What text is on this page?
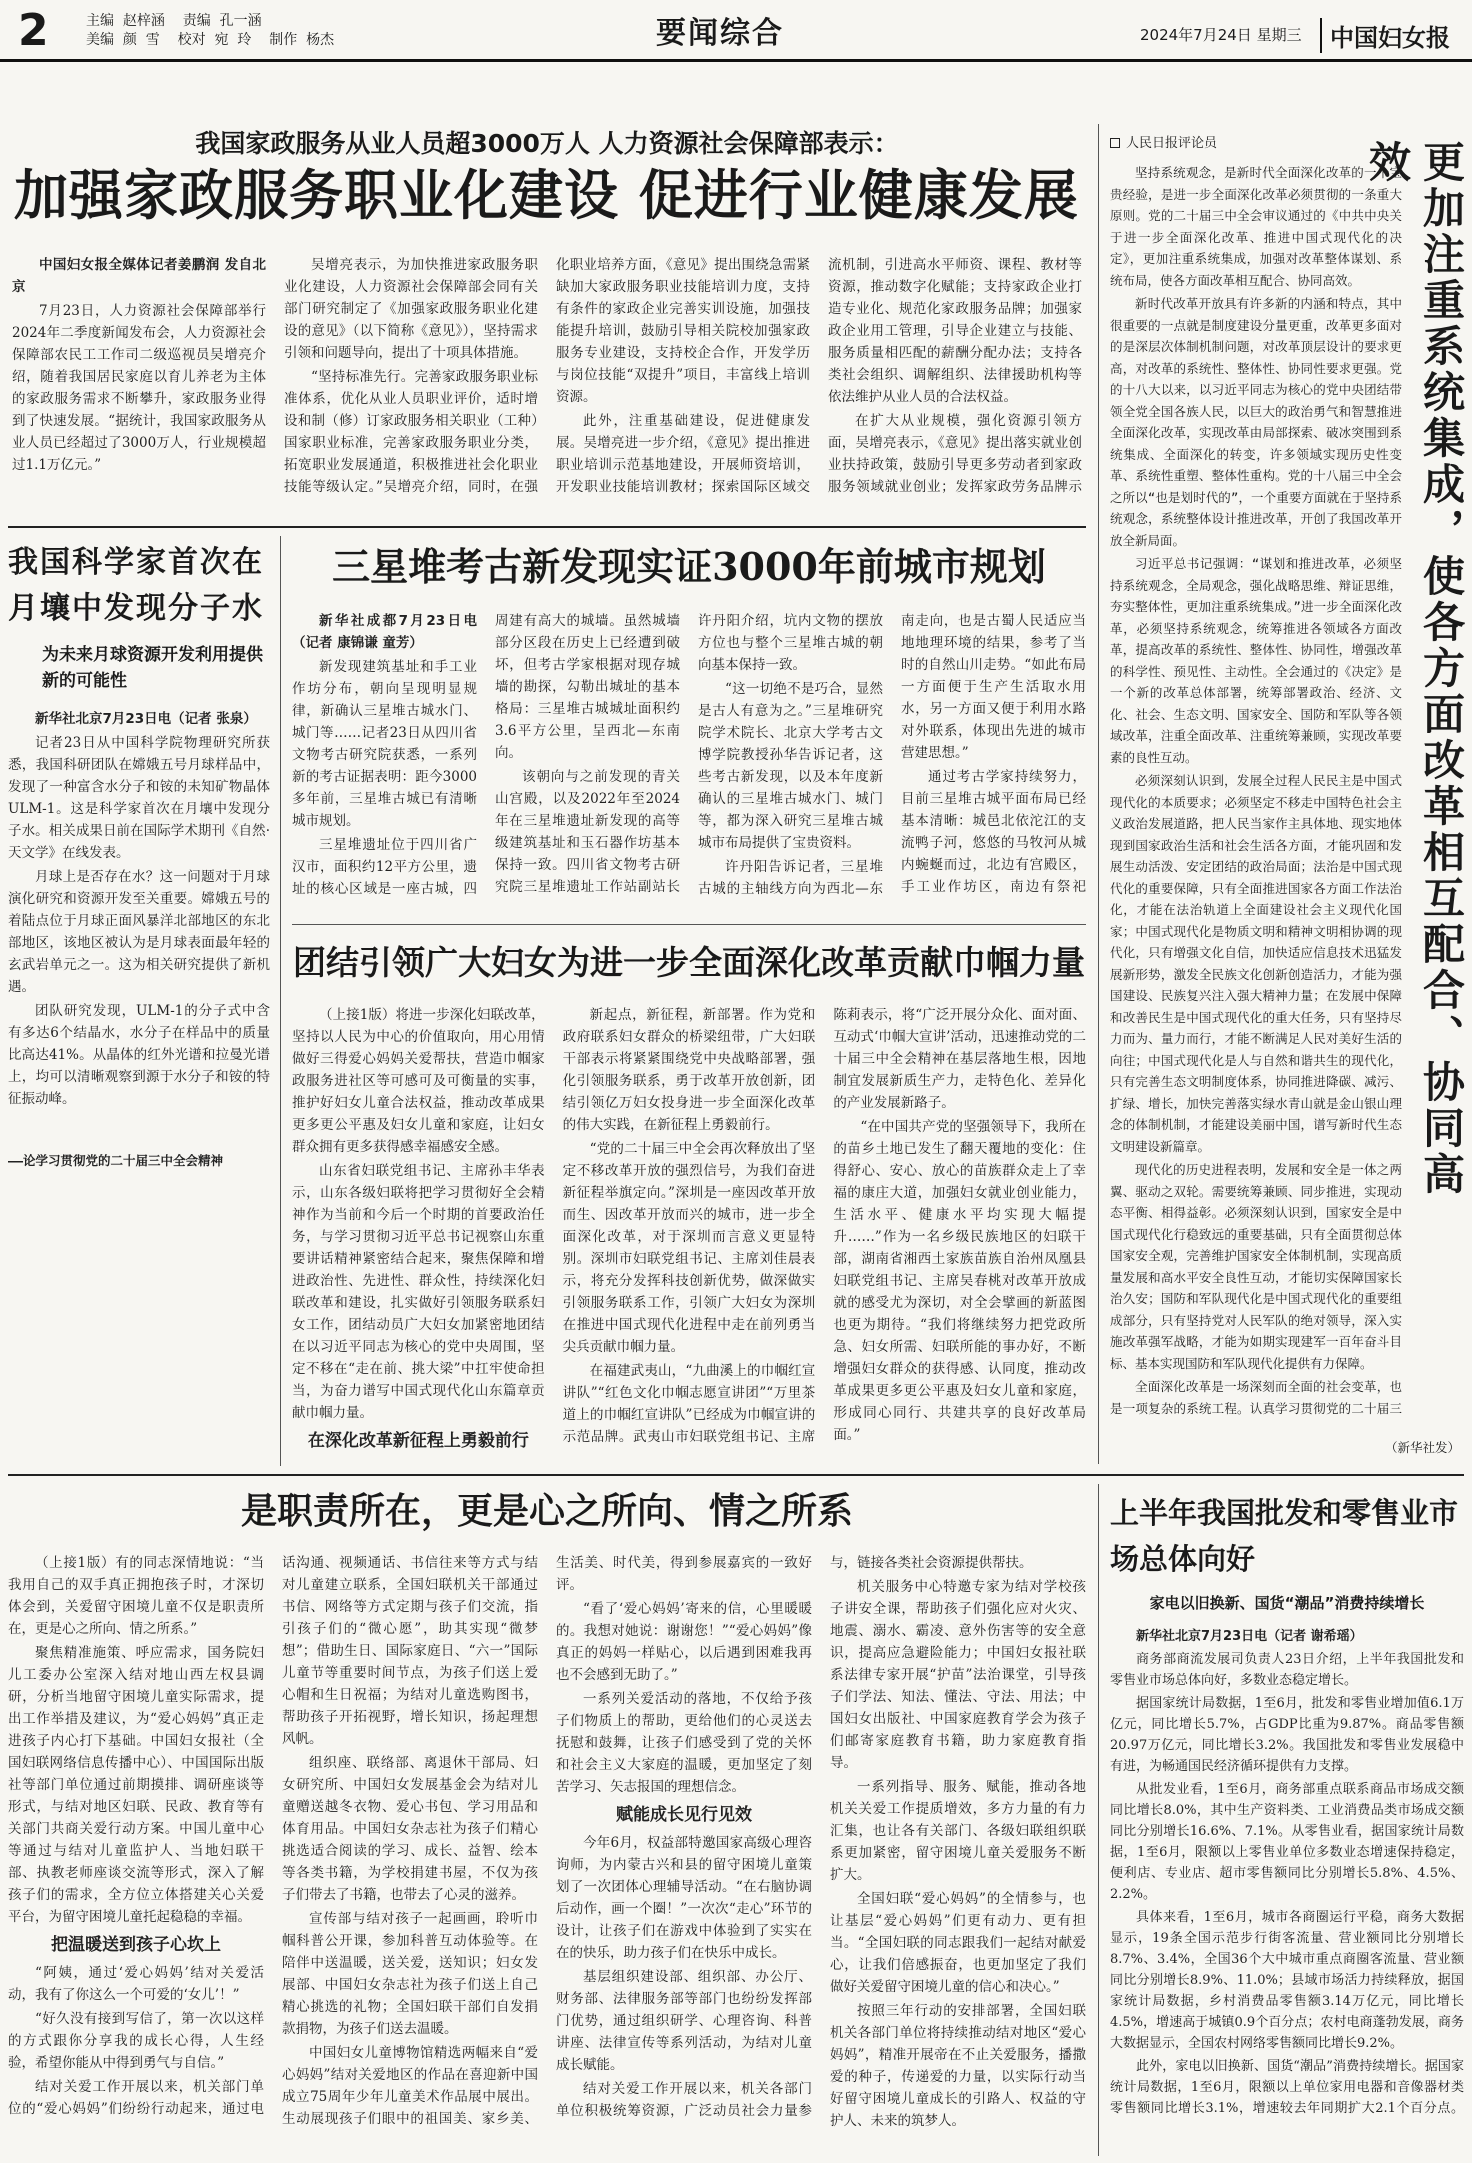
2	主编  赵梓涵    责编  孔一涵
美编  颜  雪    校对  宛  玲    制作  杨杰	要闻综合	2024年7月24日 星期三	中国妇女报
我国家政服务从业人员超3000万人 人力资源社会保障部表示：
加强家政服务职业化建设 促进行业健康发展

中国妇女报全媒体记者姜鹏润 发自北京

7月23日，人力资源社会保障部举行2024年二季度新闻发布会，人力资源社会保障部农民工工作司二级巡视员吴增亮介绍，随着我国居民家庭以育儿养老为主体的家政服务需求不断攀升，家政服务业得到了快速发展。“据统计，我国家政服务从业人员已经超过了3000万人，行业规模超过1.1万亿元。”

吴增亮表示，为加快推进家政服务职业化建设，人力资源社会保障部会同有关部门研究制定了《加强家政服务职业化建设的意见》（以下简称《意见》），坚持需求引领和问题导向，提出了十项具体措施。

“坚持标准先行。完善家政服务职业标准体系，优化从业人员职业评价，适时增设和制（修）订家政服务相关职业（工种）国家职业标准，完善家政服务职业分类，拓宽职业发展通道，积极推进社会化职业技能等级认定。”吴增亮介绍，同时，在强化职业培养方面，《意见》提出围绕急需紧缺加大家政服务职业技能培训力度，支持有条件的家政企业完善实训设施，加强技能提升培训，鼓励引导相关院校加强家政服务专业建设，支持校企合作，开发学历与岗位技能“双提升”项目，丰富线上培训资源。

此外，注重基础建设，促进健康发展。吴增亮进一步介绍，《意见》提出推进职业培训示范基地建设，开展师资培训，开发职业技能培训教材；探索国际区域交流机制，引进高水平师资、课程、教材等资源，推动数字化赋能；支持家政企业打造专业化、规范化家政服务品牌；加强家政企业用工管理，引导企业建立与技能、服务质量相匹配的薪酬分配办法；支持各类社会组织、调解组织、法律援助机构等依法维护从业人员的合法权益。

在扩大从业规模，强化资源引领方面，吴增亮表示，《意见》提出落实就业创业扶持政策，鼓励引导更多劳动者到家政服务领域就业创业；发挥家政劳务品牌示

我国科学家首次在月壤中发现分子水
为未来月球资源开发利用提供新的可能性

新华社北京7月23日电（记者 张泉）

记者23日从中国科学院物理研究所获悉，我国科研团队在嫦娥五号月球样品中，发现了一种富含水分子和铵的未知矿物晶体ULM-1。这是科学家首次在月壤中发现分子水。相关成果日前在国际学术期刊《自然·天文学》在线发表。

月球上是否存在水？这一问题对于月球演化研究和资源开发至关重要。嫦娥五号的着陆点位于月球正面风暴洋北部地区的东北部地区，该地区被认为是月球表面最年轻的玄武岩单元之一。这为相关研究提供了新机遇。

团队研究发现，ULM-1的分子式中含有多达6个结晶水，水分子在样品中的质量比高达41%。从晶体的红外光谱和拉曼光谱上，均可以清晰观察到源于水分子和铵的特征振动峰。

三星堆考古新发现实证3000年前城市规划

新华社成都7月23日电（记者 康锦谦 童芳）

新发现建筑基址和手工业作坊分布，朝向呈现明显规律，新确认三星堆古城水门、城门等……记者23日从四川省文物考古研究院获悉，一系列新的考古证据表明：距今3000多年前，三星堆古城已有清晰城市规划。

三星堆遗址位于四川省广汉市，面积约12平方公里，遗址的核心区域是一座古城，四周建有高大的城墙。虽然城墙部分区段在历史上已经遭到破坏，但考古学家根据对现存城墙的勘探，勾勒出城址的基本格局：三星堆古城城址面积约3.6平方公里，呈西北—东南向。

该朝向与之前发现的青关山宫殿，以及2022年至2024年在三星堆遗址新发现的高等级建筑基址和玉石器作坊基本保持一致。四川省文物考古研究院三星堆遗址工作站副站长许丹阳介绍，坑内文物的摆放方位也与整个三星堆古城的朝向基本保持一致。

“这一切绝不是巧合，显然是古人有意为之。”三星堆研究院学术院长、北京大学考古文博学院教授孙华告诉记者，这些考古新发现，以及本年度新确认的三星堆古城水门、城门等，都为深入研究三星堆古城城市布局提供了宝贵资料。

许丹阳告诉记者，三星堆古城的主轴线方向为西北—东南走向，也是古蜀人民适应当地地理环境的结果，参考了当时的自然山川走势。“如此布局一方面便于生产生活取水用水，另一方面又便于利用水路对外联系，体现出先进的城市营建思想。”

通过考古学家持续努力，目前三星堆古城平面布局已经基本清晰：城邑北依沱江的支流鸭子河，悠悠的马牧河从城内蜿蜒而过，北边有宫殿区，手工业作坊区，南边有祭祀

团结引领广大妇女为进一步全面深化改革贡献巾帼力量

（上接1版）将进一步深化妇联改革，坚持以人民为中心的价值取向，用心用情做好三得爱心妈妈关爱帮扶，营造巾帼家政服务进社区等可感可及可衡量的实事，推护好妇女儿童合法权益，推动改革成果更多更公平惠及妇女儿童和家庭，让妇女群众拥有更多获得感幸福感安全感。

山东省妇联党组书记、主席孙丰华表示，山东各级妇联将把学习贯彻好全会精神作为当前和今后一个时期的首要政治任务，与学习贯彻习近平总书记视察山东重要讲话精神紧密结合起来，聚焦保障和增进政治性、先进性、群众性，持续深化妇联改革和建设，扎实做好引领服务联系妇女工作，团结动员广大妇女加紧密地团结在以习近平同志为核心的党中央周围，坚定不移在“走在前、挑大梁”中扛牢使命担当，为奋力谱写中国式现代化山东篇章贡献巾帼力量。

在深化改革新征程上勇毅前行

新起点，新征程，新部署。作为党和政府联系妇女群众的桥梁纽带，广大妇联干部表示将紧紧围绕党中央战略部署，强化引领服务联系，勇于改革开放创新，团结引领亿万妇女投身进一步全面深化改革的伟大实践，在新征程上勇毅前行。

“党的二十届三中全会再次释放出了坚定不移改革开放的强烈信号，为我们奋进新征程举旗定向。”深圳是一座因改革开放而生、因改革开放而兴的城市，进一步全面深化改革，对于深圳而言意义更显特别。深圳市妇联党组书记、主席刘佳晨表示，将充分发挥科技创新优势，做深做实引领服务联系工作，引领广大妇女为深圳在推进中国式现代化进程中走在前列勇当尖兵贡献巾帼力量。

在福建武夷山，“九曲溪上的巾帼红宣讲队”“红色文化巾帼志愿宣讲团”“万里茶道上的巾帼红宣讲队”已经成为巾帼宣讲的示范品牌。武夷山市妇联党组书记、主席陈莉表示，将“广泛开展分众化、面对面、互动式‘巾帼大宣讲’活动，迅速推动党的二十届三中全会精神在基层落地生根，因地制宜发展新质生产力，走特色化、差异化的产业发展新路子。

“在中国共产党的坚强领导下，我所在的苗乡土地已发生了翻天覆地的变化：住得舒心、安心、放心的苗族群众走上了幸福的康庄大道，加强妇女就业创业能力，生活水平、健康水平均实现大幅提升……”作为一名乡级民族地区的妇联干部，湖南省湘西土家族苗族自治州凤凰县妇联党组书记、主席吴春桃对改革开放成就的感受尤为深切，对全会擘画的新蓝图也更为期待。“我们将继续努力把党政所急、妇女所需、妇联所能的事办好，不断增强妇女群众的获得感、认同度，推动改革成果更多更公平惠及妇女儿童和家庭，形成同心同行、共建共享的良好改革局面。”

——论学习贯彻党的二十届三中全会精神

人民日报评论员

坚持系统观念，是新时代全面深化改革的一个宝贵经验，是进一步全面深化改革必须贯彻的一条重大原则。党的二十届三中全会审议通过的《中共中央关于进一步全面深化改革、推进中国式现代化的决定》，更加注重系统集成，加强对改革整体谋划、系统布局，使各方面改革相互配合、协同高效。

新时代改革开放具有许多新的内涵和特点，其中很重要的一点就是制度建设分量更重，改革更多面对的是深层次体制机制问题，对改革顶层设计的要求更高，对改革的系统性、整体性、协同性要求更强。党的十八大以来，以习近平同志为核心的党中央团结带领全党全国各族人民，以巨大的政治勇气和智慧推进全面深化改革，实现改革由局部探索、破冰突围到系统集成、全面深化的转变，许多领域实现历史性变革、系统性重塑、整体性重构。党的十八届三中全会之所以“也是划时代的”，一个重要方面就在于坚持系统观念，系统整体设计推进改革，开创了我国改革开放全新局面。

习近平总书记强调：“谋划和推进改革，必须坚持系统观念，全局观念，强化战略思维、辩证思维，夯实整体性，更加注重系统集成。”进一步全面深化改革，必须坚持系统观念，统筹推进各领域各方面改革，提高改革的系统性、整体性、协同性，增强改革的科学性、预见性、主动性。全会通过的《决定》是一个新的改革总体部署，统筹部署政治、经济、文化、社会、生态文明、国家安全、国防和军队等各领域改革，注重全面改革、注重统筹兼顾，实现改革要素的良性互动。

必须深刻认识到，发展全过程人民民主是中国式现代化的本质要求；必须坚定不移走中国特色社会主义政治发展道路，把人民当家作主具体地、现实地体现到国家政治生活和社会生活各方面，才能巩固和发展生动活泼、安定团结的政治局面；法治是中国式现代化的重要保障，只有全面推进国家各方面工作法治化，才能在法治轨道上全面建设社会主义现代化国家；中国式现代化是物质文明和精神文明相协调的现代化，只有增强文化自信，加快适应信息技术迅猛发展新形势，激发全民族文化创新创造活力，才能为强国建设、民族复兴注入强大精神力量；在发展中保障和改善民生是中国式现代化的重大任务，只有坚持尽力而为、量力而行，才能不断满足人民对美好生活的向往；中国式现代化是人与自然和谐共生的现代化，只有完善生态文明制度体系，协同推进降碳、减污、扩绿、增长，加快完善落实绿水青山就是金山银山理念的体制机制，才能建设美丽中国，谱写新时代生态文明建设新篇章。

现代化的历史进程表明，发展和安全是一体之两翼、驱动之双轮。需要统筹兼顾、同步推进，实现动态平衡、相得益彰。必须深刻认识到，国家安全是中国式现代化行稳致远的重要基础，只有全面贯彻总体国家安全观，完善维护国家安全体制机制，实现高质量发展和高水平安全良性互动，才能切实保障国家长治久安；国防和军队现代化是中国式现代化的重要组成部分，只有坚持党对人民军队的绝对领导，深入实施改革强军战略，才能为如期实现建军一百年奋斗目标、基本实现国防和军队现代化提供有力保障。

全面深化改革是一场深刻而全面的社会变革，也是一项复杂的系统工程。认真学习贯彻党的二十届三

更加注重系统集成，使各方面改革相互配合、协同高效
（新华社发）
是职责所在，更是心之所向、情之所系

（上接1版）有的同志深情地说：“当我用自己的双手真正拥抱孩子时，才深切体会到，关爱留守困境儿童不仅是职责所在，更是心之所向、情之所系。”

聚焦精准施策、呼应需求，国务院妇儿工委办公室深入结对地山西左权县调研，分析当地留守困境儿童实际需求，提出工作举措及建议，为“爱心妈妈”真正走进孩子内心打下基础。中国妇女报社（全国妇联网络信息传播中心）、中国国际出版社等部门单位通过前期摸排、调研座谈等形式，与结对地区妇联、民政、教育等有关部门共商关爱行动方案。中国儿童中心等通过与结对儿童监护人、当地妇联干部、执教老师座谈交流等形式，深入了解孩子们的需求，全方位立体搭建关心关爱平台，为留守困境儿童托起稳稳的幸福。

把温暖送到孩子心坎上

“阿姨，通过‘爱心妈妈’结对关爱活动，我有了你这么一个可爱的‘女儿’！”

“好久没有接到写信了，第一次以这样的方式跟你分享我的成长心得，人生经验，希望你能从中得到勇气与自信。”

结对关爱工作开展以来，机关部门单位的“爱心妈妈”们纷纷行动起来，通过电话沟通、视频通话、书信往来等方式与结对儿童建立联系，全国妇联机关干部通过书信、网络等方式定期与孩子们交流，指引孩子们的“微心愿”，助其实现“微梦想”；借助生日、国际家庭日、“六一”国际儿童节等重要时间节点，为孩子们送上爱心帽和生日祝福；为结对儿童选购图书，帮助孩子开拓视野，增长知识，扬起理想风帆。

组织座、联络部、离退休干部局、妇女研究所、中国妇女发展基金会为结对儿童赠送越冬衣物、爱心书包、学习用品和体育用品。中国妇女杂志社为孩子们精心挑选适合阅读的学习、成长、益智、绘本等各类书籍，为学校捐建书屋，不仅为孩子们带去了书籍，也带去了心灵的滋养。

宣传部与结对孩子一起画画，聆听巾帼科普公开课，参加科普互动体验等。在陪伴中送温暖，送关爱，送知识；妇女发展部、中国妇女杂志社为孩子们送上自己精心挑选的礼物；全国妇联干部们自发捐款捐物，为孩子们送去温暖。

中国妇女儿童博物馆精选两幅来自“爱心妈妈”结对关爱地区的作品在喜迎新中国成立75周年少年儿童美术作品展中展出。生动展现孩子们眼中的祖国美、家乡美、生活美、时代美，得到参展嘉宾的一致好评。

“看了‘爱心妈妈’寄来的信，心里暖暖的。我想对她说：谢谢您！”“爱心妈妈”像真正的妈妈一样贴心，以后遇到困难我再也不会感到无助了。”

一系列关爱活动的落地，不仅给予孩子们物质上的帮助，更给他们的心灵送去抚慰和鼓舞，让孩子们感受到了党的关怀和社会主义大家庭的温暖，更加坚定了刻苦学习、矢志报国的理想信念。

赋能成长见行见效

今年6月，权益部特邀国家高级心理咨询师，为内蒙古兴和县的留守困境儿童策划了一次团体心理辅导活动。“在右脑协调后动作，画一个圈！”一次次“走心”环节的设计，让孩子们在游戏中体验到了实实在在的快乐，助力孩子们在快乐中成长。

基层组织建设部、组织部、办公厅、财务部、法律服务部等部门也纷纷发挥部门优势，通过组织研学、心理咨询、科普讲座、法律宣传等系列活动，为结对儿童成长赋能。

结对关爱工作开展以来，机关各部门单位积极统筹资源，广泛动员社会力量参与，链接各类社会资源提供帮扶。

机关服务中心特邀专家为结对学校孩子讲安全课，帮助孩子们强化应对火灾、地震、溺水、霸凌、意外伤害等的安全意识，提高应急避险能力；中国妇女报社联系法律专家开展“护苗”法治课堂，引导孩子们学法、知法、懂法、守法、用法；中国妇女出版社、中国家庭教育学会为孩子们邮寄家庭教育书籍，助力家庭教育指导。

一系列指导、服务、赋能，推动各地机关关爱工作提质增效，多方力量的有力汇集，也让各有关部门、各级妇联组织联系更加紧密，留守困境儿童关爱服务不断扩大。

全国妇联“爱心妈妈”的全情参与，也让基层“爱心妈妈”们更有动力、更有担当。“全国妇联的同志跟我们一起结对献爱心，让我们倍感振奋，也更加坚定了我们做好关爱留守困境儿童的信心和决心。”

按照三年行动的安排部署，全国妇联机关各部门单位将持续推动结对地区“爱心妈妈”，精准开展帝在不止关爱服务，播撒爱的种子，传递爱的力量，以实际行动当好留守困境儿童成长的引路人、权益的守护人、未来的筑梦人。

上半年我国批发和零售业市场总体向好
家电以旧换新、国货“潮品”消费持续增长

新华社北京7月23日电（记者 谢希瑶）

商务部商流发展司负责人23日介绍，上半年我国批发和零售业市场总体向好，多数业态稳定增长。

据国家统计局数据，1至6月，批发和零售业增加值6.1万亿元，同比增长5.7%，占GDP比重为9.87%。商品零售额20.97万亿元，同比增长3.2%。我国批发和零售业发展稳中有进，为畅通国民经济循环提供有力支撑。

从批发业看，1至6月，商务部重点联系商品市场成交额同比增长8.0%，其中生产资料类、工业消费品类市场成交额同比分别增长16.6%、7.1%。从零售业看，据国家统计局数据，1至6月，限额以上零售业单位多数业态增速保持稳定，便利店、专业店、超市零售额同比分别增长5.8%、4.5%、2.2%。

具体来看，1至6月，城市各商圈运行平稳，商务大数据显示，19条全国示范步行街客流量、营业额同比分别增长8.7%、3.4%，全国36个大中城市重点商圈客流量、营业额同比分别增长8.9%、11.0%；县域市场活力持续释放，据国家统计局数据，乡村消费品零售额3.14万亿元，同比增长4.5%，增速高于城镇0.9个百分点；农村电商蓬勃发展，商务大数据显示，全国农村网络零售额同比增长9.2%。

此外，家电以旧换新、国货“潮品”消费持续增长。据国家统计局数据，1至6月，限额以上单位家用电器和音像器材类零售额同比增长3.1%，增速较去年同期扩大2.1个百分点。
